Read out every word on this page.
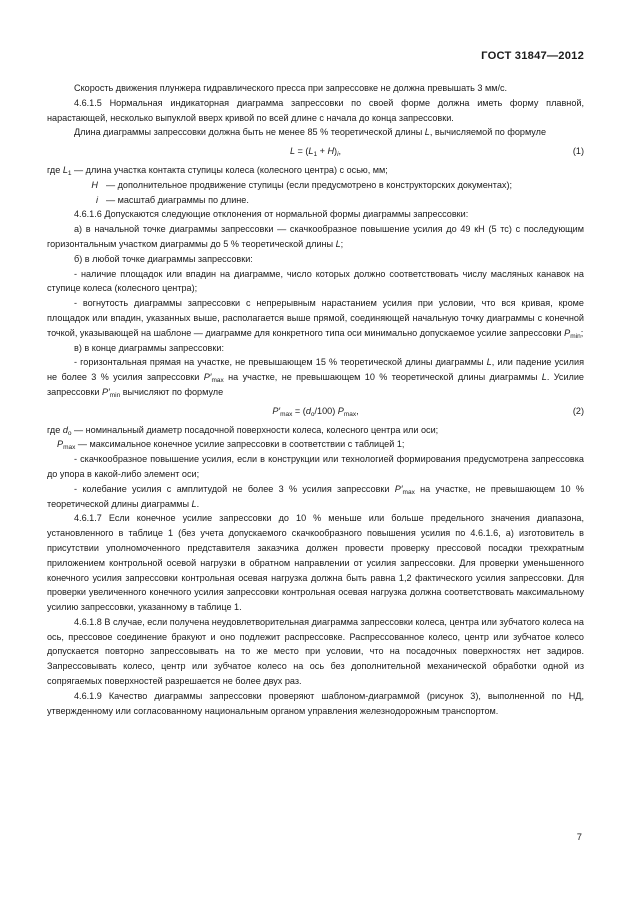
ГОСТ 31847—2012

Скорость движения плунжера гидравлического пресса при запрессовке не должна превышать 3 мм/с.

4.6.1.5 Нормальная индикаторная диаграмма запрессовки по своей форме должна иметь форму плавной, нарастающей, несколько выпуклой вверх кривой по всей длине с начала до конца запрессовки.

Длина диаграммы запрессовки должна быть не менее 85 % теоретической длины L, вычисляемой по формуле

$L = (L_1 + H)_i$,	(1)
где $L_1$ — длина участка контакта ступицы колеса (колесного центра) с осью, мм;
H — дополнительное продвижение ступицы (если предусмотрено в конструкторских документах);
i — масштаб диаграммы по длине.

4.6.1.6 Допускаются следующие отклонения от нормальной формы диаграммы запрессовки:

а) в начальной точке диаграммы запрессовки — скачкообразное повышение усилия до 49 кН (5 тс) с последующим горизонтальным участком диаграммы до 5 % теоретической длины L;

б) в любой точке диаграммы запрессовки:

- наличие площадок или впадин на диаграмме, число которых должно соответствовать числу масляных канавок на ступице колеса (колесного центра);

- вогнутость диаграммы запрессовки с непрерывным нарастанием усилия при условии, что вся кривая, кроме площадок или впадин, указанных выше, располагается выше прямой, соединяющей начальную точку диаграммы с конечной точкой, указывающей на шаблоне — диаграмме для конкретного типа оси минимально допускаемое усилие запрессовки $P_{min}$;

в) в конце диаграммы запрессовки:

- горизонтальная прямая на участке, не превышающем 15 % теоретической длины диаграммы L, или падение усилия не более 3 % усилия запрессовки $P'_{max}$ на участке, не превышающем 10 % теоретической длины диаграммы L. Усилие запрессовки $P'_{min}$ вычисляют по формуле

$P'_{max} = (d_o/100)$ $P_{max}$,	(2)
где $d_o$ — номинальный диаметр посадочной поверхности колеса, колесного центра или оси;
$P_{max}$ — максимальное конечное усилие запрессовки в соответствии с таблицей 1;

- скачкообразное повышение усилия, если в конструкции или технологией формирования предусмотрена запрессовка до упора в какой-либо элемент оси;

- колебание усилия с амплитудой не более 3 % усилия запрессовки $P'_{max}$ на участке, не превышающем 10 % теоретической длины диаграммы L.

4.6.1.7 Если конечное усилие запрессовки до 10 % меньше или больше предельного значения диапазона, установленного в таблице 1 (без учета допускаемого скачкообразного повышения усилия по 4.6.1.6, а) изготовитель в присутствии уполномоченного представителя заказчика должен провести проверку прессовой посадки трехкратным приложением контрольной осевой нагрузки в обратном направлении от усилия запрессовки. Для проверки уменьшенного конечного усилия запрессовки контрольная осевая нагрузка должна быть равна 1,2 фактического усилия запрессовки. Для проверки увеличенного конечного усилия запрессовки контрольная осевая нагрузка должна соответствовать максимальному усилию запрессовки, указанному в таблице 1.

4.6.1.8 В случае, если получена неудовлетворительная диаграмма запрессовки колеса, центра или зубчатого колеса на ось, прессовое соединение бракуют и оно подлежит распрессовке. Распрессованное колесо, центр или зубчатое колесо допускается повторно запрессовывать на то же место при условии, что на посадочных поверхностях нет задиров. Запрессовывать колесо, центр или зубчатое колесо на ось без дополнительной механической обработки одной из сопрягаемых поверхностей разрешается не более двух раз.

4.6.1.9 Качество диаграммы запрессовки проверяют шаблоном-диаграммой (рисунок 3), выполненной по НД, утвержденному или согласованному национальным органом управления железнодорожным транспортом.

7
